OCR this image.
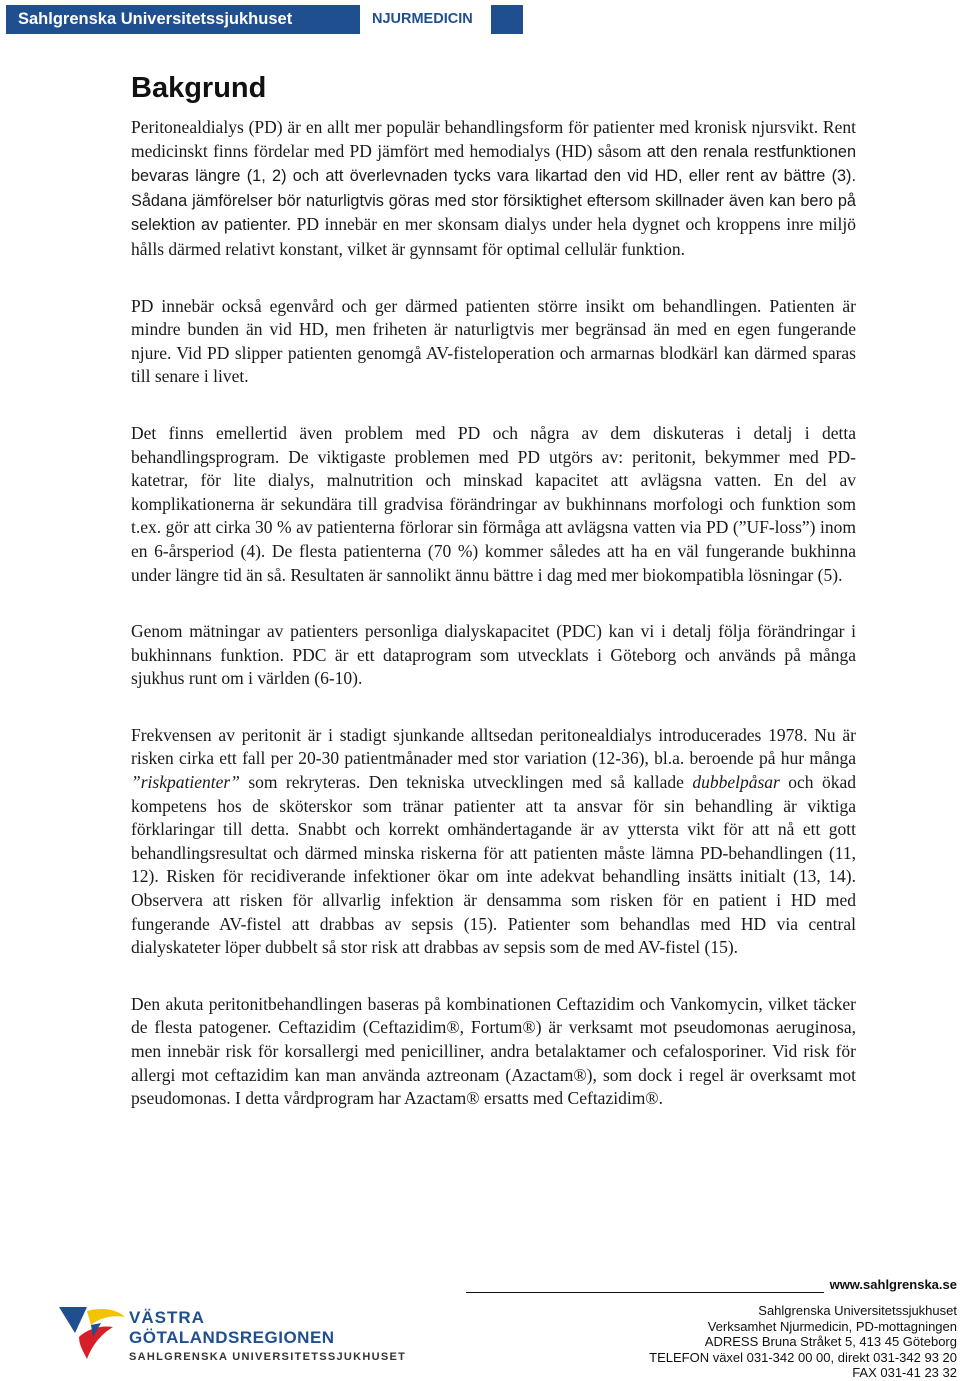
Sahlgrenska Universitetssjukhuset	NJURMEDICIN
Bakgrund

Peritonealdialys (PD) är en allt mer populär behandlingsform för patienter med kronisk njursvikt. Rent medicinskt finns fördelar med PD jämfört med hemodialys (HD) såsom att den renala restfunktionen bevaras längre (1, 2) och att överlevnaden tycks vara likartad den vid HD, eller rent av bättre (3). Sådana jämförelser bör naturligtvis göras med stor försiktighet eftersom skillnader även kan bero på selektion av patienter. PD innebär en mer skonsam dialys under hela dygnet och kroppens inre miljö hålls därmed relativt konstant, vilket är gynnsamt för optimal cellulär funktion.

PD innebär också egenvård och ger därmed patienten större insikt om behandlingen. Patienten är mindre bunden än vid HD, men friheten är naturligtvis mer begränsad än med en egen fungerande njure. Vid PD slipper patienten genomgå AV-fisteloperation och armarnas blodkärl kan därmed sparas till senare i livet.

Det finns emellertid även problem med PD och några av dem diskuteras i detalj i detta behandlingsprogram. De viktigaste problemen med PD utgörs av: peritonit, bekymmer med PD-katetrar, för lite dialys, malnutrition och minskad kapacitet att avlägsna vatten. En del av komplikationerna är sekundära till gradvisa förändringar av bukhinnans morfologi och funktion som t.ex. gör att cirka 30 % av patienterna förlorar sin förmåga att avlägsna vatten via PD (”UF-loss”) inom en 6-årsperiod (4). De flesta patienterna (70 %) kommer således att ha en väl fungerande bukhinna under längre tid än så. Resultaten är sannolikt ännu bättre i dag med mer biokompatibla lösningar (5).

Genom mätningar av patienters personliga dialyskapacitet (PDC) kan vi i detalj följa förändringar i bukhinnans funktion. PDC är ett dataprogram som utvecklats i Göteborg och används på många sjukhus runt om i världen (6-10).

Frekvensen av peritonit är i stadigt sjunkande alltsedan peritonealdialys introducerades 1978. Nu är risken cirka ett fall per 20-30 patientmånader med stor variation (12-36), bl.a. beroende på hur många ”riskpatienter” som rekryteras. Den tekniska utvecklingen med så kallade dubbelpåsar och ökad kompetens hos de sköterskor som tränar patienter att ta ansvar för sin behandling är viktiga förklaringar till detta. Snabbt och korrekt omhändertagande är av yttersta vikt för att nå ett gott behandlingsresultat och därmed minska riskerna för att patienten måste lämna PD-behandlingen (11, 12). Risken för recidiverande infektioner ökar om inte adekvat behandling insätts initialt (13, 14). Observera att risken för allvarlig infektion är densamma som risken för en patient i HD med fungerande AV-fistel att drabbas av sepsis (15). Patienter som behandlas med HD via central dialyskateter löper dubbelt så stor risk att drabbas av sepsis som de med AV-fistel (15).

Den akuta peritonitbehandlingen baseras på kombinationen Ceftazidim och Vankomycin, vilket täcker de flesta patogener. Ceftazidim (Ceftazidim®, Fortum®) är verksamt mot pseudomonas aeruginosa, men innebär risk för korsallergi med penicilliner, andra betalaktamer och cefalosporiner. Vid risk för allergi mot ceftazidim kan man använda aztreonam (Azactam®), som dock i regel är overksamt mot pseudomonas. I detta vårdprogram har Azactam® ersatts med Ceftazidim®.

www.sahlgrenska.se
VÄSTRA
GÖTALANDSREGIONEN
SAHLGRENSKA UNIVERSITETSSJUKHUSET
Sahlgrenska Universitetssjukhuset
Verksamhet Njurmedicin, PD-mottagningen
ADRESS Bruna Stråket 5, 413 45 Göteborg
TELEFON växel 031-342 00 00, direkt 031-342 93 20
FAX 031-41 23 32
